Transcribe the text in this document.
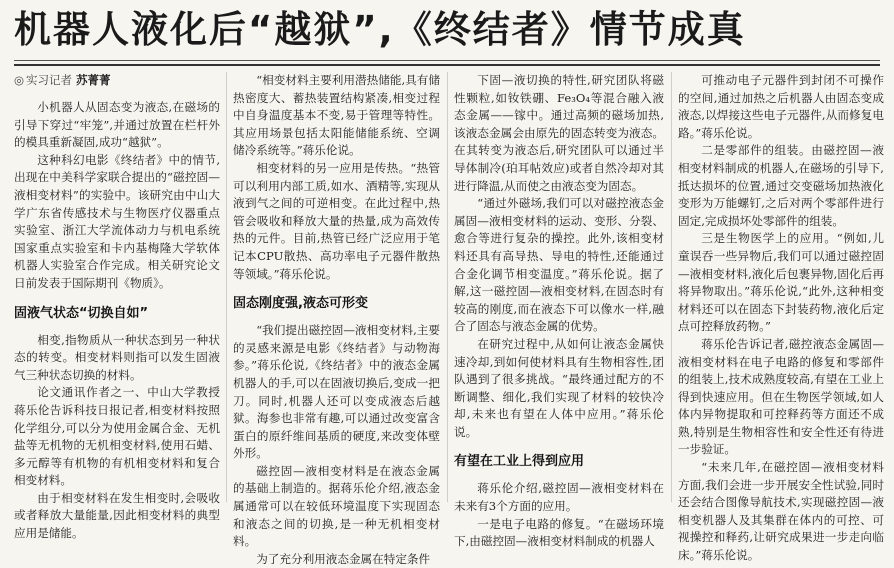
机器人液化后“越狱”,《终结者》情节成真
◎ 实习记者 苏菁菁

小机器人从固态变为液态,在磁场的引导下穿过“牢笼”,并通过放置在栏杆外的模具重新凝固,成功“越狱”。

这种科幻电影《终结者》中的情节,出现在中美科学家联合提出的“磁控固—液相变材料”的实验中。该研究由中山大学广东省传感技术与生物医疗仪器重点实验室、浙江大学流体动力与机电系统国家重点实验室和卡内基梅隆大学软体机器人实验室合作完成。相关研究论文日前发表于国际期刊《物质》。

固液气状态“切换自如”

相变,指物质从一种状态到另一种状态的转变。相变材料则指可以发生固液气三种状态切换的材料。

论文通讯作者之一、中山大学教授蒋乐伦告诉科技日报记者,相变材料按照化学组分,可以分为使用金属合金、无机盐等无机物的无机相变材料,使用石蜡、多元醇等有机物的有机相变材料和复合相变材料。

由于相变材料在发生相变时,会吸收或者释放大量能量,因此相变材料的典型应用是储能。

“相变材料主要利用潜热储能,具有储热密度大、蓄热装置结构紧凑,相变过程中自身温度基本不变,易于管理等特性。其应用场景包括太阳能储能系统、空调储冷系统等。”蒋乐伦说。

相变材料的另一应用是传热。“热管可以利用内部工质,如水、酒精等,实现从液到气之间的可逆相变。在此过程中,热管会吸收和释放大量的热量,成为高效传热的元件。目前,热管已经广泛应用于笔记本CPU散热、高功率电子元器件散热等领域。”蒋乐伦说。

固态刚度强,液态可形变

“我们提出磁控固—液相变材料,主要的灵感来源是电影《终结者》与动物海参。”蒋乐伦说,《终结者》中的液态金属机器人的手,可以在固液切换后,变成一把刀。同时,机器人还可以变成液态后越狱。海参也非常有趣,可以通过改变富含蛋白的原纤维间基质的硬度,来改变体壁外形。

磁控固—液相变材料是在液态金属的基础上制造的。据蒋乐伦介绍,液态金属通常可以在较低环境温度下实现固态和液态之间的切换,是一种无机相变材料。

为了充分利用液态金属在特定条件

下固—液切换的特性,研究团队将磁性颗粒,如钕铁硼、Fe₃O₄等混合融入液态金属——镓中。通过高频的磁场加热,该液态金属会由原先的固态转变为液态。在其转变为液态后,研究团队可以通过半导体制冷(珀耳帖效应)或者自然冷却对其进行降温,从而使之由液态变为固态。

“通过外磁场,我们可以对磁控液态金属固—液相变材料的运动、变形、分裂、愈合等进行复杂的操控。此外,该相变材料还具有高导热、导电的特性,还能通过合金化调节相变温度。”蒋乐伦说。据了解,这一磁控固—液相变材料,在固态时有较高的刚度,而在液态下可以像水一样,融合了固态与液态金属的优势。

在研究过程中,从如何让液态金属快速冷却,到如何使材料具有生物相容性,团队遇到了很多挑战。“最终通过配方的不断调整、细化,我们实现了材料的较快冷却,未来也有望在人体中应用。”蒋乐伦说。

有望在工业上得到应用

蒋乐伦介绍,磁控固—液相变材料在未来有3个方面的应用。

一是电子电路的修复。“在磁场环境下,由磁控固—液相变材料制成的机器人

可推动电子元器件到封闭不可操作的空间,通过加热之后机器人由固态变成液态,以焊接这些电子元器件,从而修复电路。”蒋乐伦说。

二是零部件的组装。由磁控固—液相变材料制成的机器人,在磁场的引导下,抵达损坏的位置,通过交变磁场加热液化变形为万能螺钉,之后对两个零部件进行固定,完成损坏处零部件的组装。

三是生物医学上的应用。“例如,儿童误吞一些异物后,我们可以通过磁控固—液相变材料,液化后包裹异物,固化后再将异物取出。”蒋乐伦说,“此外,这种相变材料还可以在固态下封装药物,液化后定点可控释放药物。”

蒋乐伦告诉记者,磁控液态金属固—液相变材料在电子电路的修复和零部件的组装上,技术成熟度较高,有望在工业上得到快速应用。但在生物医学领域,如人体内异物提取和可控释药等方面还不成熟,特别是生物相容性和安全性还有待进一步验证。

“未来几年,在磁控固—液相变材料方面,我们会进一步开展安全性试验,同时还会结合图像导航技术,实现磁控固—液相变机器人及其集群在体内的可控、可视操控和释药,让研究成果进一步走向临床。”蒋乐伦说。
